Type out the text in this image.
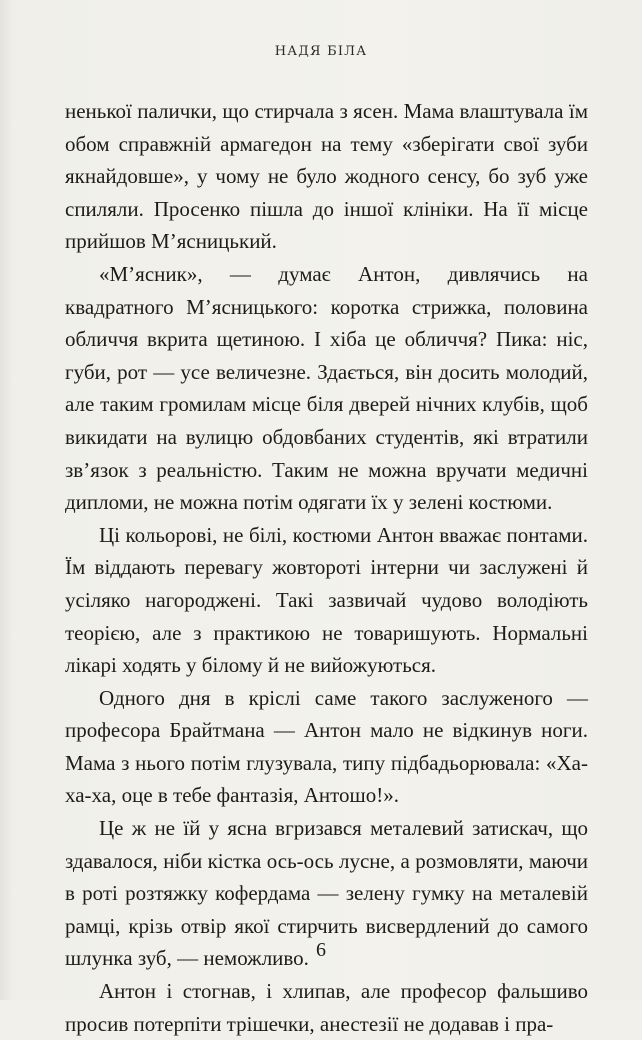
НАДЯ БІЛА

ненької палички, що стирчала з ясен. Мама влаштувала їм обом справжній армагедон на тему «зберігати свої зуби якнайдовше», у чому не було жодного сенсу, бо зуб уже спиляли. Просенко пішла до іншої клініки. На її місце прийшов М’ясницький.

«М’ясник», — думає Антон, дивлячись на квадратного М’ясницького: коротка стрижка, половина обличчя вкрита щетиною. І хіба це обличчя? Пика: ніс, губи, рот — усе величезне. Здається, він досить молодий, але таким громилам місце біля дверей нічних клубів, щоб викидати на вулицю обдовбаних студентів, які втратили зв’язок з реальністю. Таким не можна вручати медичні дипломи, не можна потім одягати їх у зелені костюми.

Ці кольорові, не білі, костюми Антон вважає понтами. Їм віддають перевагу жовтороті інтерни чи заслужені й усіляко нагороджені. Такі зазвичай чудово володіють теорією, але з практикою не товаришують. Нормальні лікарі ходять у білому й не вийожуються.

Одного дня в кріслі саме такого заслуженого — професора Брайтмана — Антон мало не відкинув ноги. Мама з нього потім глузувала, типу підбадьорювала: «Ха-ха-ха, оце в тебе фантазія, Антошо!».

Це ж не їй у ясна вгризався металевий затискач, що здавалося, ніби кістка ось-ось лусне, а розмовляти, маючи в роті розтяжку кофердама — зелену гумку на металевій рамці, крізь отвір якої стирчить висвердлений до самого шлунка зуб, — неможливо.

Антон і стогнав, і хлипав, але професор фальшиво просив потерпіти трішечки, анестезії не додавав і пра-

6
